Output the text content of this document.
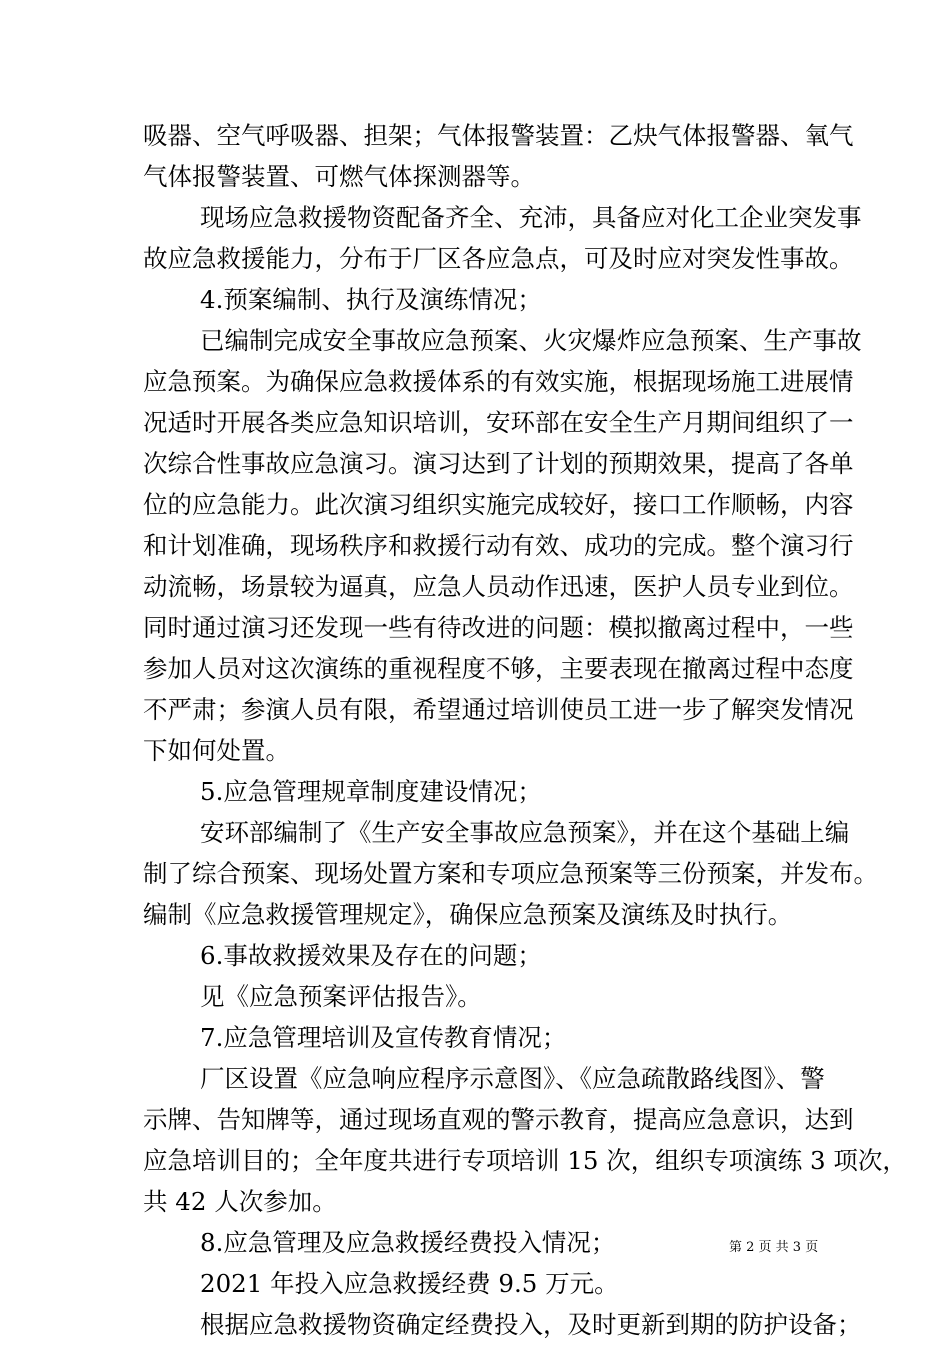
吸器、空气呼吸器、担架；气体报警装置：乙炔气体报警器、氧气
气体报警装置、可燃气体探测器等。
现场应急救援物资配备齐全、充沛，具备应对化工企业突发事
故应急救援能力，分布于厂区各应急点，可及时应对突发性事故。
4.预案编制、执行及演练情况；
已编制完成安全事故应急预案、火灾爆炸应急预案、生产事故
应急预案。为确保应急救援体系的有效实施，根据现场施工进展情
况适时开展各类应急知识培训，安环部在安全生产月期间组织了一
次综合性事故应急演习。演习达到了计划的预期效果，提高了各单
位的应急能力。此次演习组织实施完成较好，接口工作顺畅，内容
和计划准确，现场秩序和救援行动有效、成功的完成。整个演习行
动流畅，场景较为逼真，应急人员动作迅速，医护人员专业到位。
同时通过演习还发现一些有待改进的问题：模拟撤离过程中，一些
参加人员对这次演练的重视程度不够，主要表现在撤离过程中态度
不严肃；参演人员有限，希望通过培训使员工进一步了解突发情况
下如何处置。
5.应急管理规章制度建设情况；
安环部编制了《生产安全事故应急预案》，并在这个基础上编
制了综合预案、现场处置方案和专项应急预案等三份预案，并发布。
编制《应急救援管理规定》，确保应急预案及演练及时执行。
6.事故救援效果及存在的问题；
见《应急预案评估报告》。
7.应急管理培训及宣传教育情况；
厂区设置《应急响应程序示意图》、《应急疏散路线图》、警
示牌、告知牌等，通过现场直观的警示教育，提高应急意识，达到
应急培训目的；全年度共进行专项培训 15 次，组织专项演练 3 项次，
共 42 人次参加。
8.应急管理及应急救援经费投入情况；
2021 年投入应急救援经费 9.5 万元。
根据应急救援物资确定经费投入，及时更新到期的防护设备；
第 2 页 共 3 页
